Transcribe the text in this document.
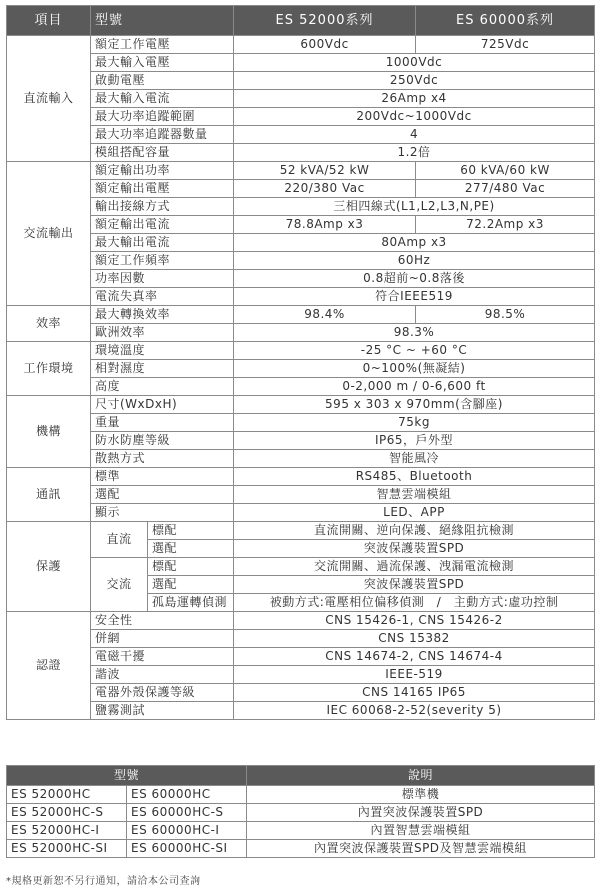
項目	型號		ES 52000系列	ES 60000系列
直流輸入	額定工作電壓		600Vdc	725Vdc
	最大輸入電壓		1000Vdc	
	啟動電壓		250Vdc	
	最大輸入電流		26Amp x4	
	最大功率追蹤範圍		200Vdc~1000Vdc	
	最大功率追蹤器數量		4	
	模組搭配容量		1.2倍	
交流輸出	額定輸出功率		52 kVA/52 kW	60 kVA/60 kW
	額定輸出電壓		220/380 Vac	277/480 Vac
	輸出接線方式		三相四線式(L1,L2,L3,N,PE)	
	額定輸出電流		78.8Amp x3	72.2Amp x3
	最大輸出電流		80Amp x3	
	額定工作頻率		60Hz	
	功率因數		0.8超前~0.8落後	
	電流失真率		符合IEEE519	
效率	最大轉換效率		98.4%	98.5%
	歐洲效率		98.3%	
工作環境	環境溫度		-25 °C ~ +60 °C	
	相對濕度		0~100%(無凝結)	
	高度		0-2,000 m / 0-6,600 ft	
機構	尺寸(WxDxH)		595 x 303 x 970mm(含腳座)	
	重量		75kg	
	防水防塵等級		IP65，戶外型	
	散熱方式		智能風冷	
通訊	標準		RS485、Bluetooth	
	選配		智慧雲端模組	
	顯示		LED、APP	
保護	直流	標配	直流開關、逆向保護、絕緣阻抗檢測	
		選配	突波保護裝置SPD	
	交流	標配	交流開關、過流保護、洩漏電流檢測	
		選配	突波保護裝置SPD	
		孤島運轉偵測	被動方式:電壓相位偏移偵測　/　主動方式:虛功控制	
認證	安全性		CNS 15426-1, CNS 15426-2	
	併網		CNS 15382	
	電磁干擾		CNS 14674-2, CNS 14674-4	
	諧波		IEEE-519	
	電器外殼保護等級		CNS 14165 IP65	
	鹽霧測試		IEC 60068-2-52(severity 5)	
型號		說明
ES 52000HC	ES 60000HC	標準機
ES 52000HC-S	ES 60000HC-S	內置突波保護裝置SPD
ES 52000HC-I	ES 60000HC-I	內置智慧雲端模組
ES 52000HC-SI	ES 60000HC-SI	內置突波保護裝置SPD及智慧雲端模組
*規格更新恕不另行通知，請洽本公司查詢
